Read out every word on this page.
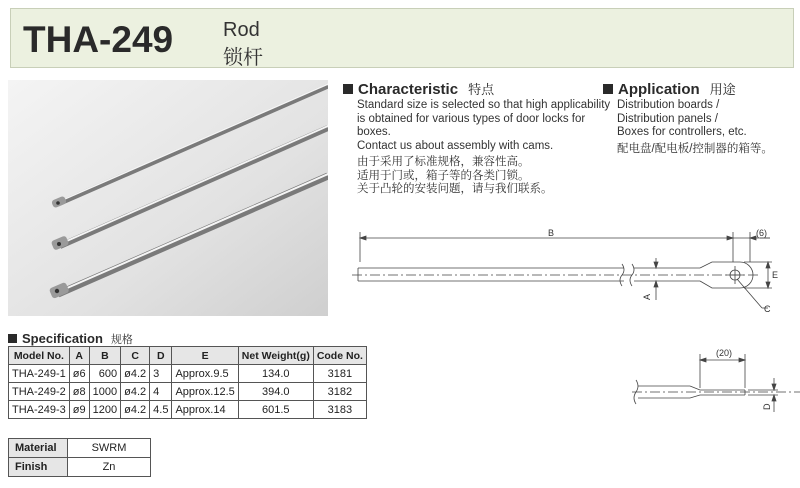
THA-249 Rod
锁杆
Characteristic 特点
Standard size is selected so that high applicability
is obtained for various types of door locks for
boxes.
Contact us about assembly with cams.
由于采用了标准规格，兼容性高。
适用于门或，箱子等的各类门锁。
关于凸轮的安装问题，请与我们联系。
Application 用途
Distribution boards /
Distribution panels /
Boxes for controllers, etc.
配电盘/配电板/控制器的箱等。
B	(6)
E
A
C
(20)
D
Specification 规格
Model No.	A	B	C	D	E	Net Weight(g)	Code No.
THA-249-1	ø6	600	ø4.2	3	Approx.9.5	134.0	3181
THA-249-2	ø8	1000	ø4.2	4	Approx.12.5	394.0	3182
THA-249-3	ø9	1200	ø4.2	4.5	Approx.14	601.5	3183
Material	SWRM
Finish	Zn
